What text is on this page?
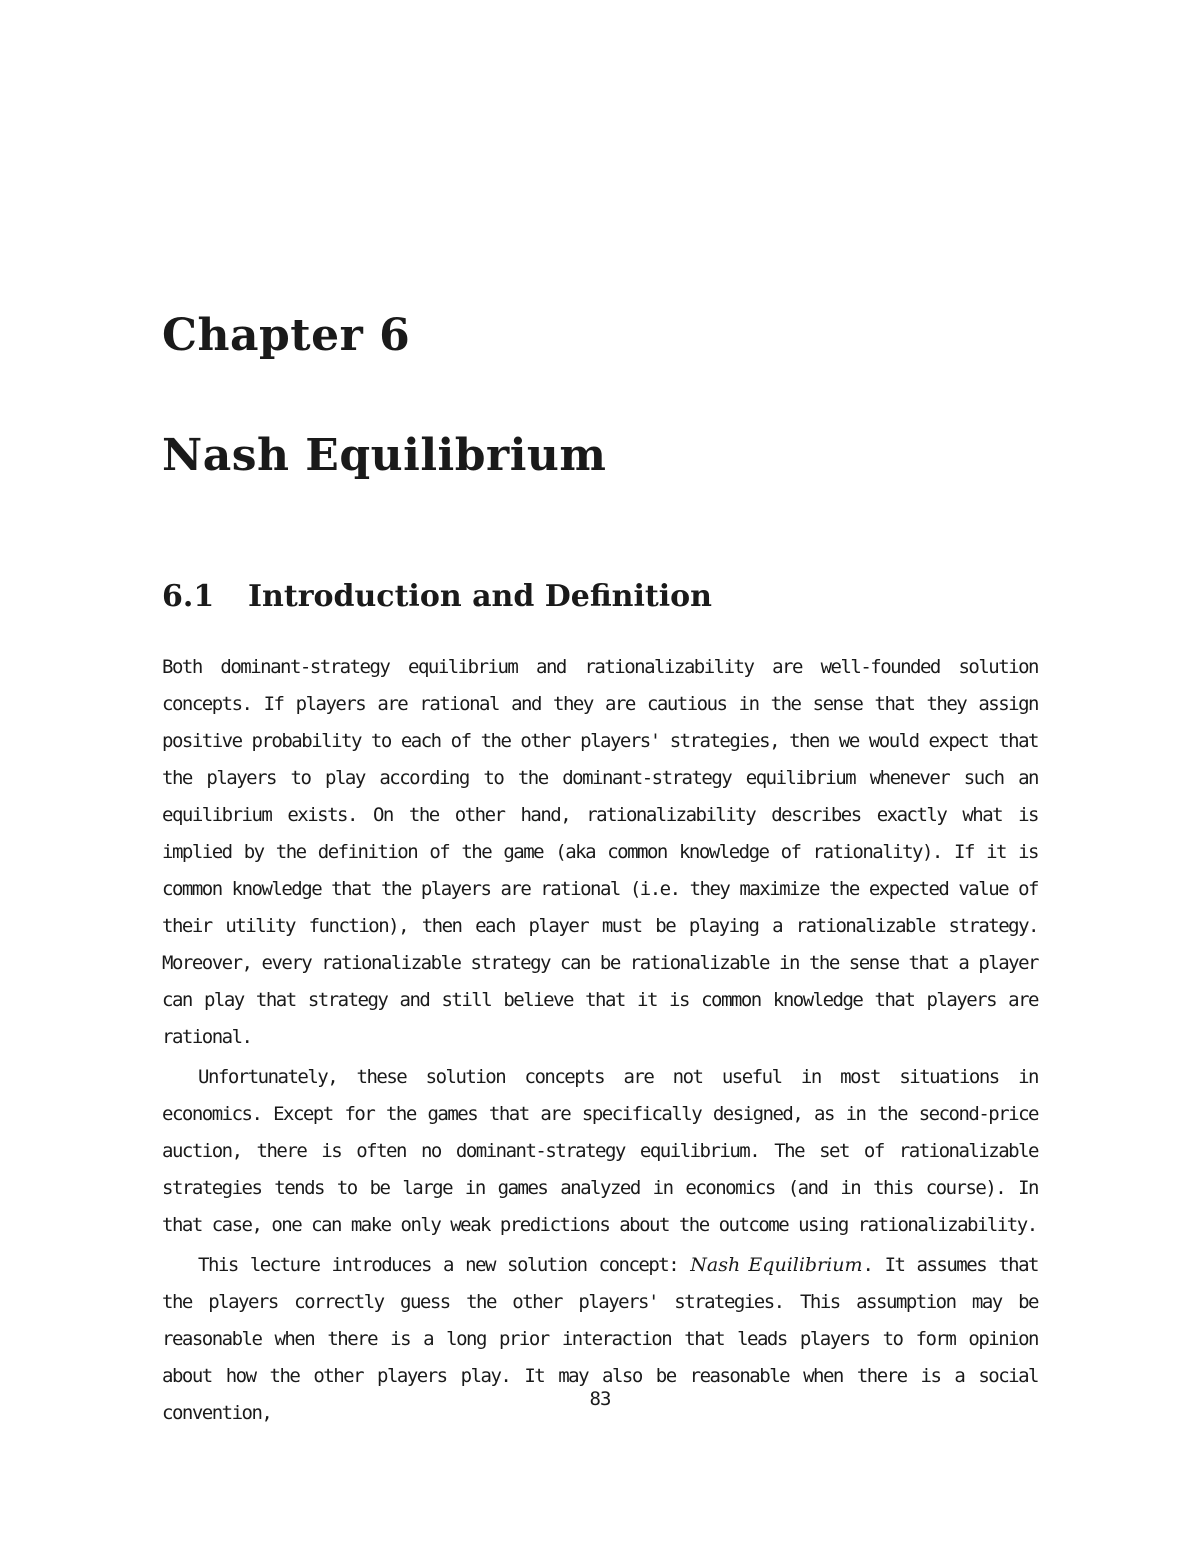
Chapter 6
Nash Equilibrium
6.1 Introduction and Definition

Both dominant-strategy equilibrium and rationalizability are well-founded solution concepts. If players are rational and they are cautious in the sense that they assign positive probability to each of the other players' strategies, then we would expect that the players to play according to the dominant-strategy equilibrium whenever such an equilibrium exists. On the other hand, rationalizability describes exactly what is implied by the definition of the game (aka common knowledge of rationality). If it is common knowledge that the players are rational (i.e. they maximize the expected value of their utility function), then each player must be playing a rationalizable strategy. Moreover, every rationalizable strategy can be rationalizable in the sense that a player can play that strategy and still believe that it is common knowledge that players are rational.

Unfortunately, these solution concepts are not useful in most situations in economics. Except for the games that are specifically designed, as in the second-price auction, there is often no dominant-strategy equilibrium. The set of rationalizable strategies tends to be large in games analyzed in economics (and in this course). In that case, one can make only weak predictions about the outcome using rationalizability.

This lecture introduces a new solution concept: Nash Equilibrium. It assumes that the players correctly guess the other players' strategies. This assumption may be reasonable when there is a long prior interaction that leads players to form opinion about how the other players play. It may also be reasonable when there is a social convention,

83
